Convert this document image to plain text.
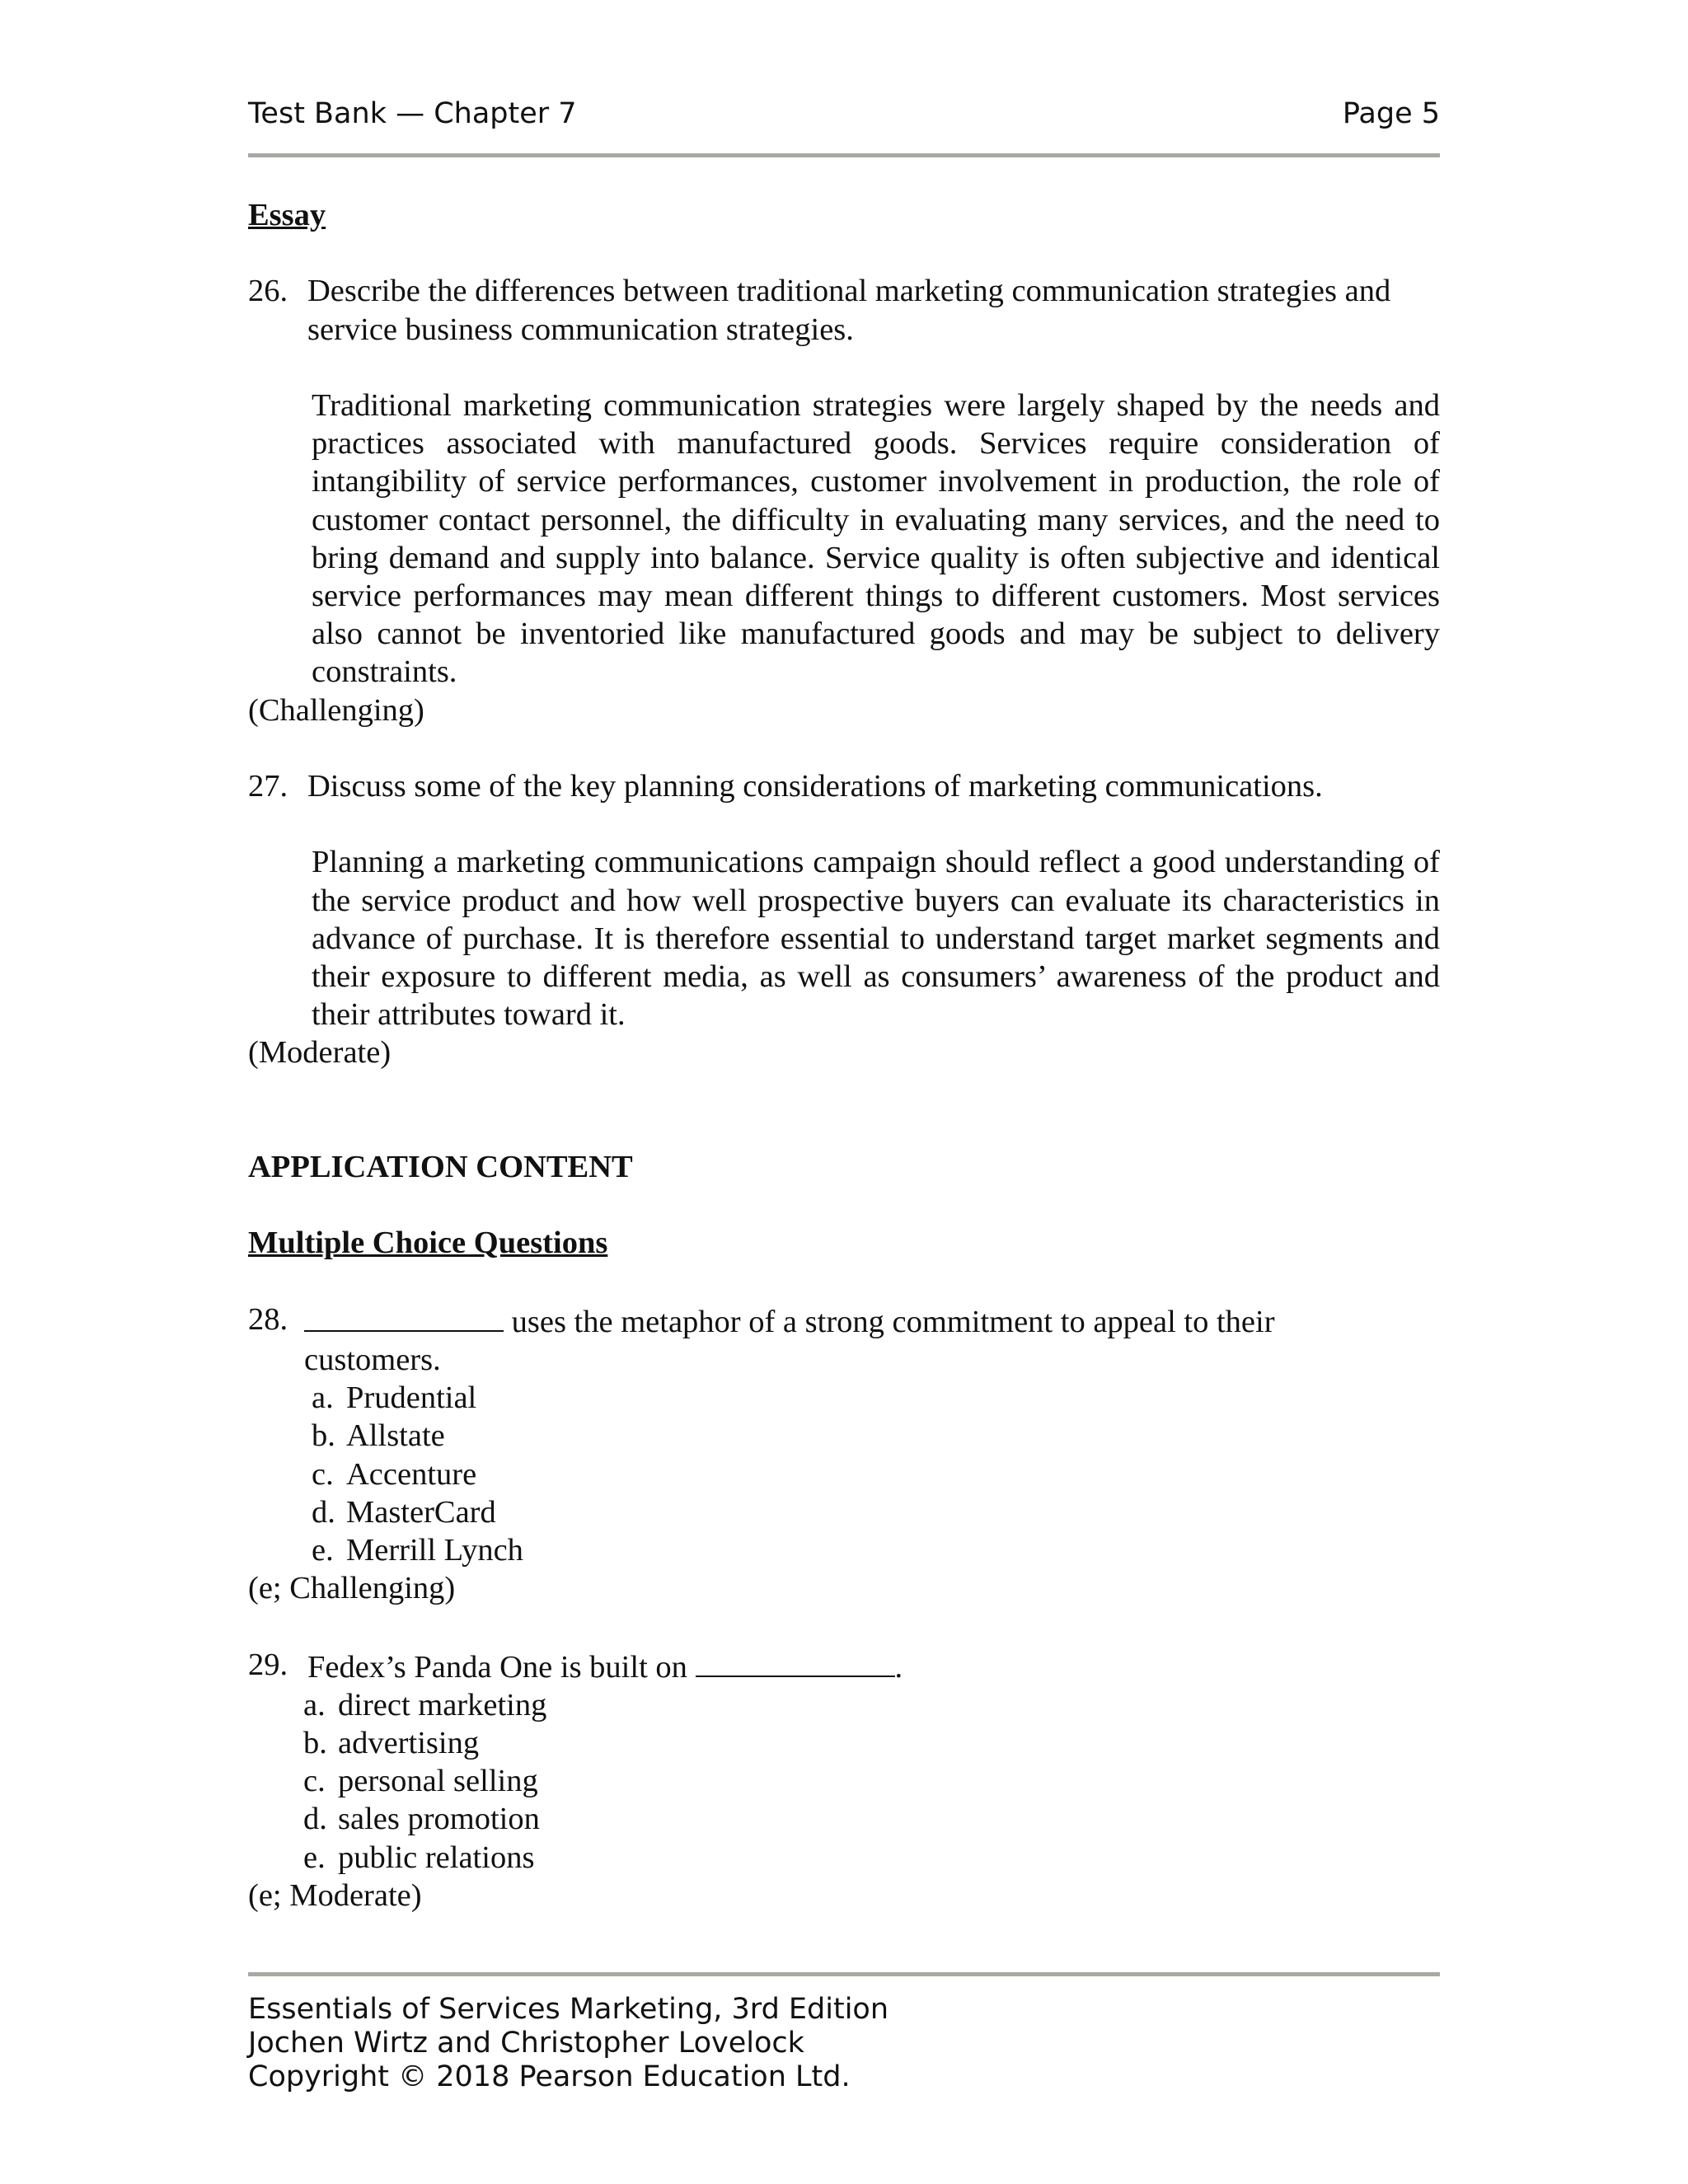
Test Bank — Chapter 7	Page 5

Essay

26. Describe the differences between traditional marketing communication strategies and service business communication strategies.

Traditional marketing communication strategies were largely shaped by the needs and practices associated with manufactured goods. Services require consideration of intangibility of service performances, customer involvement in production, the role of customer contact personnel, the difficulty in evaluating many services, and the need to bring demand and supply into balance. Service quality is often subjective and identical service performances may mean different things to different customers. Most services also cannot be inventoried like manufactured goods and may be subject to delivery constraints.

(Challenging)

27. Discuss some of the key planning considerations of marketing communications.

Planning a marketing communications campaign should reflect a good understanding of the service product and how well prospective buyers can evaluate its characteristics in advance of purchase. It is therefore essential to understand target market segments and their exposure to different media, as well as consumers’ awareness of the product and their attributes toward it.

(Moderate)

APPLICATION CONTENT

Multiple Choice Questions

28.	uses the metaphor of a strong commitment to appeal to their
customers.
a. Prudential
b. Allstate
c. Accenture
d. MasterCard
e. Merrill Lynch

(e; Challenging)

29. Fedex’s Panda One is built on	.
a. direct marketing
b. advertising
c. personal selling
d. sales promotion
e. public relations

(e; Moderate)

Essentials of Services Marketing, 3rd Edition
Jochen Wirtz and Christopher Lovelock
Copyright © 2018 Pearson Education Ltd.
